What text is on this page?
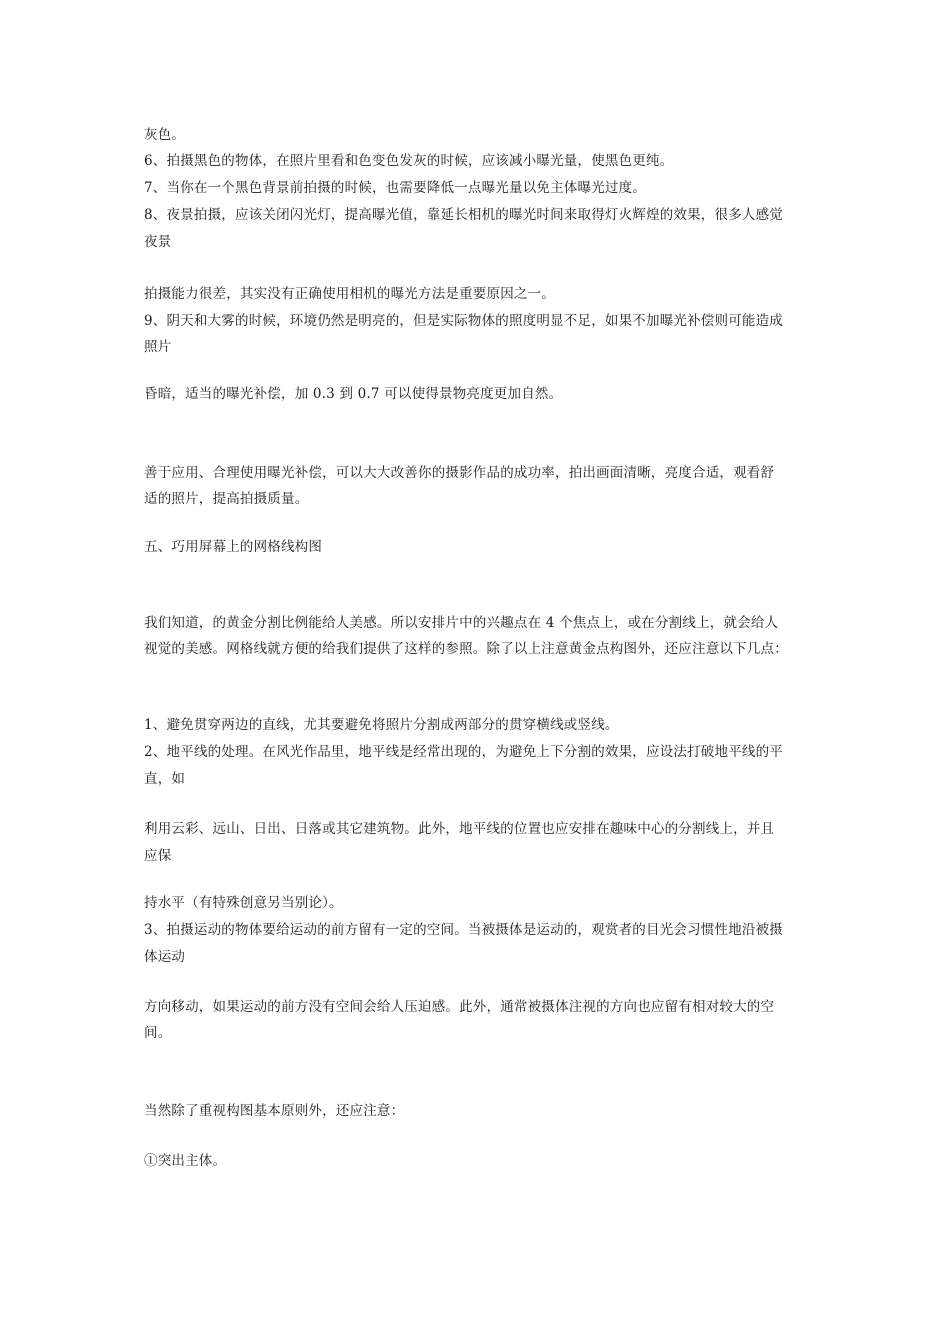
灰色。
6、拍摄黑色的物体，在照片里看和色变色发灰的时候，应该减小曝光量，使黑色更纯。
7、当你在一个黑色背景前拍摄的时候，也需要降低一点曝光量以免主体曝光过度。
8、夜景拍摄，应该关闭闪光灯，提高曝光值，靠延长相机的曝光时间来取得灯火辉煌的效果，很多人感觉
夜景
拍摄能力很差，其实没有正确使用相机的曝光方法是重要原因之一。
9、阴天和大雾的时候，环境仍然是明亮的，但是实际物体的照度明显不足，如果不加曝光补偿则可能造成
照片
昏暗，适当的曝光补偿，加 0.3 到 0.7 可以使得景物亮度更加自然。
善于应用、合理使用曝光补偿，可以大大改善你的摄影作品的成功率，拍出画面清晰，亮度合适，观看舒
适的照片，提高拍摄质量。
五、巧用屏幕上的网格线构图
我们知道，的黄金分割比例能给人美感。所以安排片中的兴趣点在 4 个焦点上，或在分割线上，就会给人
视觉的美感。网格线就方便的给我们提供了这样的参照。除了以上注意黄金点构图外，还应注意以下几点：
1、避免贯穿两边的直线，尤其要避免将照片分割成两部分的贯穿横线或竖线。
2、地平线的处理。在风光作品里，地平线是经常出现的，为避免上下分割的效果，应设法打破地平线的平
直，如
利用云彩、远山、日出、日落或其它建筑物。此外，地平线的位置也应安排在趣味中心的分割线上，并且
应保
持水平（有特殊创意另当别论）。
3、拍摄运动的物体要给运动的前方留有一定的空间。当被摄体是运动的，观赏者的目光会习惯性地沿被摄
体运动
方向移动，如果运动的前方没有空间会给人压迫感。此外，通常被摄体注视的方向也应留有相对较大的空
间。
当然除了重视构图基本原则外，还应注意：
①突出主体。
